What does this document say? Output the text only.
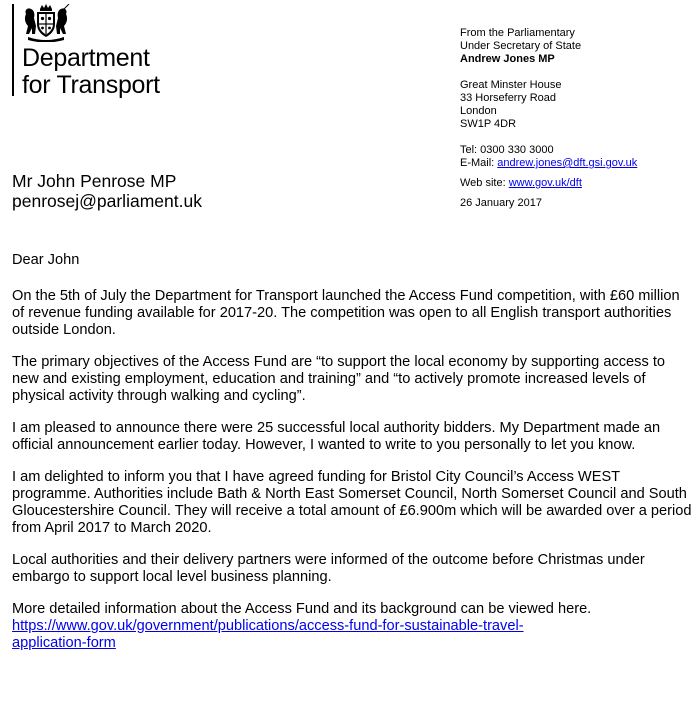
Department
for Transport
From the Parliamentary
Under Secretary of State
Andrew Jones MP
Great Minster House
33 Horseferry Road
London
SW1P 4DR
Tel: 0300 330 3000
E-Mail: andrew.jones@dft.gsi.gov.uk
Web site: www.gov.uk/dft
26 January 2017
Mr John Penrose MP
penrosej@parliament.uk

Dear John

On the 5th of July the Department for Transport launched the Access Fund competition, with £60 million of revenue funding available for 2017-20. The competition was open to all English transport authorities outside London.

The primary objectives of the Access Fund are “to support the local economy by supporting access to new and existing employment, education and training” and “to actively promote increased levels of physical activity through walking and cycling”.

I am pleased to announce there were 25 successful local authority bidders. My Department made an official announcement earlier today. However, I wanted to write to you personally to let you know.

I am delighted to inform you that I have agreed funding for Bristol City Council’s Access WEST programme. Authorities include Bath & North East Somerset Council, North Somerset Council and South Gloucestershire Council. They will receive a total amount of £6.900m which will be awarded over a period from April 2017 to March 2020.

Local authorities and their delivery partners were informed of the outcome before Christmas under embargo to support local level business planning.

More detailed information about the Access Fund and its background can be viewed here.
https://www.gov.uk/government/publications/access-fund-for-sustainable-travel-
application-form
